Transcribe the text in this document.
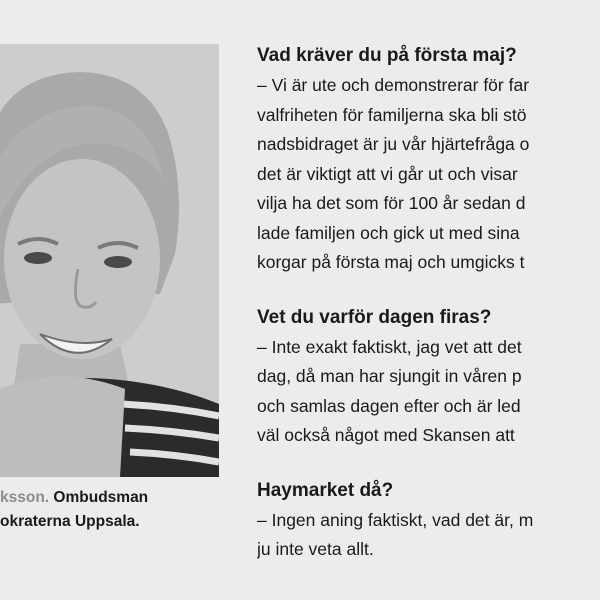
ksson. Ombudsman
okraterna Uppsala.
Vad kräver du på första maj?
– Vi är ute och demonstrerar för far
valfriheten för familjerna ska bli stö
nadsbidraget är ju vår hjärtefråga o
det är viktigt att vi går ut och visar
vilja ha det som för 100 år sedan d
lade familjen och gick ut med sina
korgar på första maj och umgicks t
Vet du varför dagen firas?
– Inte exakt faktiskt, jag vet att det
dag, då man har sjungit in våren p
och samlas dagen efter och är led
väl också något med Skansen att
Haymarket då?
– Ingen aning faktiskt, vad det är, m
ju inte veta allt.
